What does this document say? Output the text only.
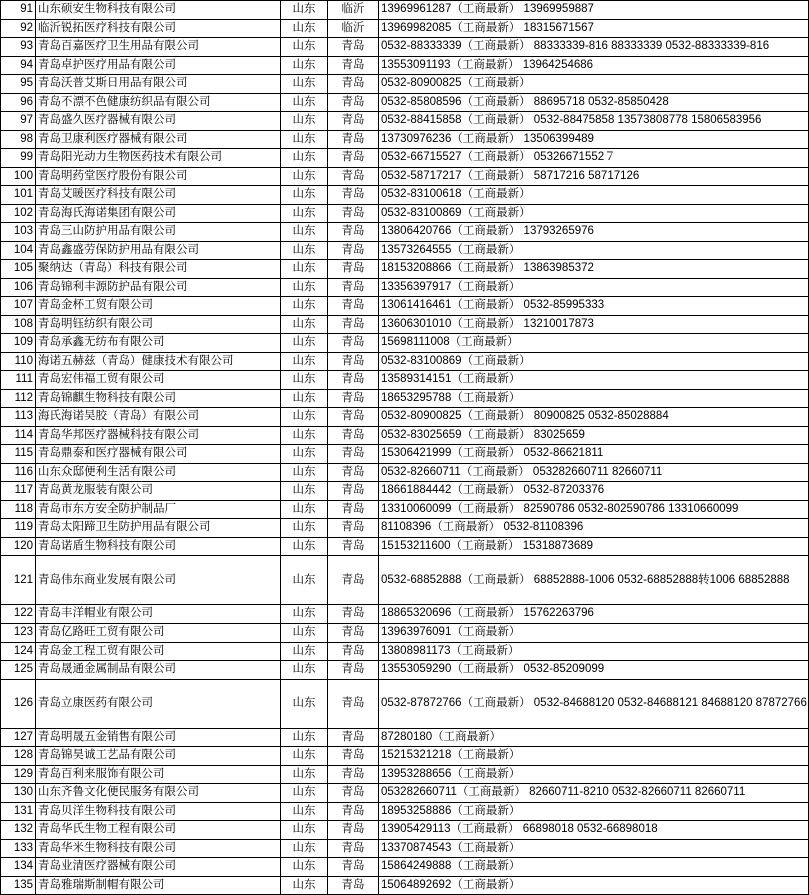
91	山东硕安生物科技有限公司	山东	临沂	13969961287（工商最新） 13969959887
92	临沂锐拓医疗科技有限公司	山东	临沂	13969982085（工商最新） 18315671567
93	青岛百嘉医疗卫生用品有限公司	山东	青岛	0532-88333339（工商最新） 88333339-816 88333339 0532-88333339-816
94	青岛卓护医疗用品有限公司	山东	青岛	13553091193（工商最新） 13964254686
95	青岛沃普艾斯日用品有限公司	山东	青岛	0532-80900825（工商最新）
96	青岛不漂不色健康纺织品有限公司	山东	青岛	0532-85808596（工商最新） 88695718 0532-85850428
97	青岛盛久医疗器械有限公司	山东	青岛	0532-88415858（工商最新） 0532-88475858 13573808778 15806583956
98	青岛卫康利医疗器械有限公司	山东	青岛	13730976236（工商最新） 13506399489
99	青岛阳光动力生物医药技术有限公司	山东	青岛	0532-66715527（工商最新） 05326671552７
100	青岛明药堂医疗股份有限公司	山东	青岛	0532-58717217（工商最新） 58717216 58717126
101	青岛艾暖医疗科技有限公司	山东	青岛	0532-83100618（工商最新）
102	青岛海氏海诺集团有限公司	山东	青岛	0532-83100869（工商最新）
103	青岛三山防护用品有限公司	山东	青岛	13806420766（工商最新） 13793265976
104	青岛鑫盛劳保防护用品有限公司	山东	青岛	13573264555（工商最新）
105	聚纳达（青岛）科技有限公司	山东	青岛	18153208866（工商最新） 13863985372
106	青岛锦利丰源防护品有限公司	山东	青岛	13356397917（工商最新）
107	青岛金杯工贸有限公司	山东	青岛	13061416461（工商最新） 0532-85995333
108	青岛明钰纺织有限公司	山东	青岛	13606301010（工商最新） 13210017873
109	青岛承鑫无纺布有限公司	山东	青岛	15698111008（工商最新）
110	海诺五赫兹（青岛）健康技术有限公司	山东	青岛	0532-83100869（工商最新）
111	青岛宏伟福工贸有限公司	山东	青岛	13589314151（工商最新）
112	青岛锦麒生物科技有限公司	山东	青岛	18653295788（工商最新）
113	海氏海诺吴胶（青岛）有限公司	山东	青岛	0532-80900825（工商最新） 80900825 0532-85028884
114	青岛华邦医疗器械科技有限公司	山东	青岛	0532-83025659（工商最新） 83025659
115	青岛鼎泰和医疗器械有限公司	山东	青岛	15306421999（工商最新） 0532-86621811
116	山东众邸便利生活有限公司	山东	青岛	0532-82660711（工商最新） 053282660711 82660711
117	青岛黄龙服装有限公司	山东	青岛	18661884442（工商最新） 0532-87203376
118	青岛市东方安全防护制品厂	山东	青岛	13310060099（工商最新） 82590786 0532-802590786 13310660099
119	青岛太阳蹄卫生防护用品有限公司	山东	青岛	81108396（工商最新） 0532-81108396
120	青岛诺盾生物科技有限公司	山东	青岛	15153211600（工商最新） 15318873689
121	青岛伟东商业发展有限公司	山东	青岛	0532-68852888（工商最新） 68852888-1006 0532-68852888转1006 68852888
122	青岛丰洋帽业有限公司	山东	青岛	18865320696（工商最新） 15762263796
123	青岛亿路旺工贸有限公司	山东	青岛	13963976091（工商最新）
124	青岛金工程工贸有限公司	山东	青岛	13808981173（工商最新）
125	青岛晟通金属制品有限公司	山东	青岛	13553059290（工商最新） 0532-85209099
126	青岛立康医药有限公司	山东	青岛	0532-87872766（工商最新） 0532-84688120 0532-84688121 84688120 87872766
127	青岛明晟五金销售有限公司	山东	青岛	87280180（工商最新）
128	青岛锦昊诚工艺品有限公司	山东	青岛	15215321218（工商最新）
129	青岛百利来服饰有限公司	山东	青岛	13953288656（工商最新）
130	山东齐鲁文化便民服务有限公司	山东	青岛	053282660711（工商最新） 82660711-8210 0532-82660711 82660711
131	青岛贝洋生物科技有限公司	山东	青岛	18953258886（工商最新）
132	青岛华氏生物工程有限公司	山东	青岛	13905429113（工商最新） 66898018 0532-66898018
133	青岛华米生物科技有限公司	山东	青岛	13370874543（工商最新）
134	青岛业清医疗器械有限公司	山东	青岛	15864249888（工商最新）
135	青岛雅瑞斯制帽有限公司	山东	青岛	15064892692（工商最新）
